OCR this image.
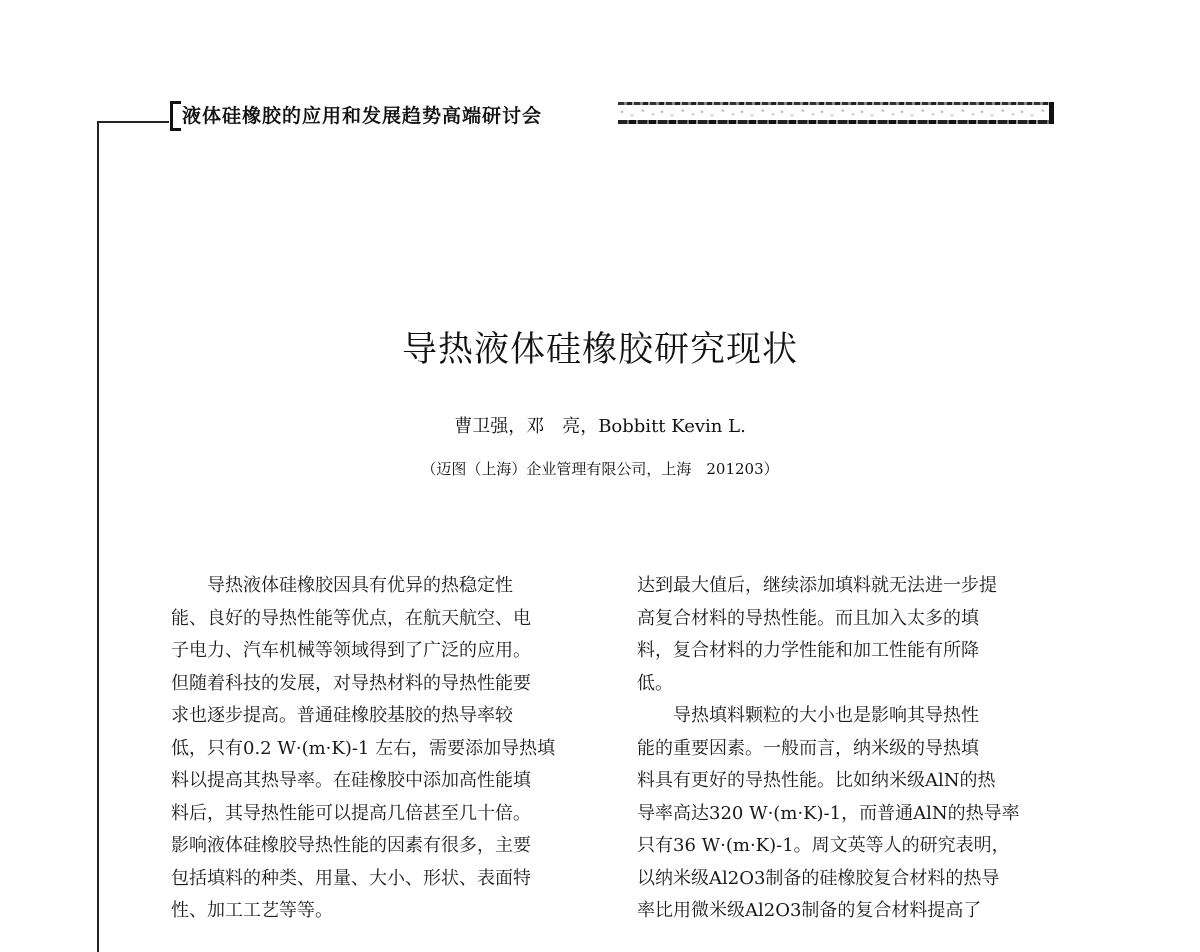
液体硅橡胶的应用和发展趋势高端研讨会
导热液体硅橡胶研究现状
曹卫强，邓　亮，Bobbitt Kevin L.
（迈图（上海）企业管理有限公司，上海　201203）

导热液体硅橡胶因具有优异的热稳定性
能、良好的导热性能等优点，在航天航空、电
子电力、汽车机械等领域得到了广泛的应用。
但随着科技的发展，对导热材料的导热性能要
求也逐步提高。普通硅橡胶基胶的热导率较
低，只有0.2 W·(m·K)-1 左右，需要添加导热填
料以提高其热导率。在硅橡胶中添加高性能填
料后，其导热性能可以提高几倍甚至几十倍。
影响液体硅橡胶导热性能的因素有很多，主要
包括填料的种类、用量、大小、形状、表面特
性、加工工艺等等。

达到最大值后，继续添加填料就无法进一步提
高复合材料的导热性能。而且加入太多的填
料，复合材料的力学性能和加工性能有所降
低。

导热填料颗粒的大小也是影响其导热性
能的重要因素。一般而言，纳米级的导热填
料具有更好的导热性能。比如纳米级AlN的热
导率高达320 W·(m·K)-1，而普通AlN的热导率
只有36 W·(m·K)-1。周文英等人的研究表明，
以纳米级Al2O3制备的硅橡胶复合材料的热导
率比用微米级Al2O3制备的复合材料提高了
